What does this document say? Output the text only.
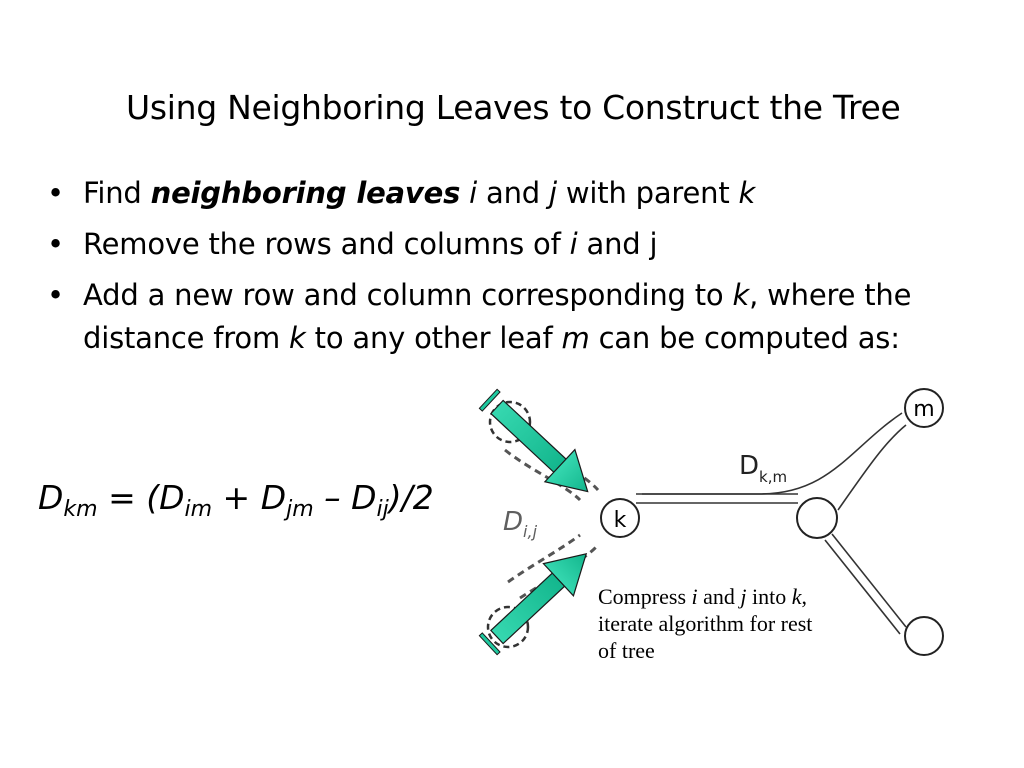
Using Neighboring Leaves to Construct the Tree
• Find neighboring leaves i and j with parent k
• Remove the rows and columns of i and j
• Add a new row and column corresponding to k, where the distance from k to any other leaf m can be computed as:
$D_{km} = (D_{im} + D_{jm} - D_{ij})/2$
k
m
Dk,m
Di,j
Compress i and j into k,
iterate algorithm for rest
of tree
